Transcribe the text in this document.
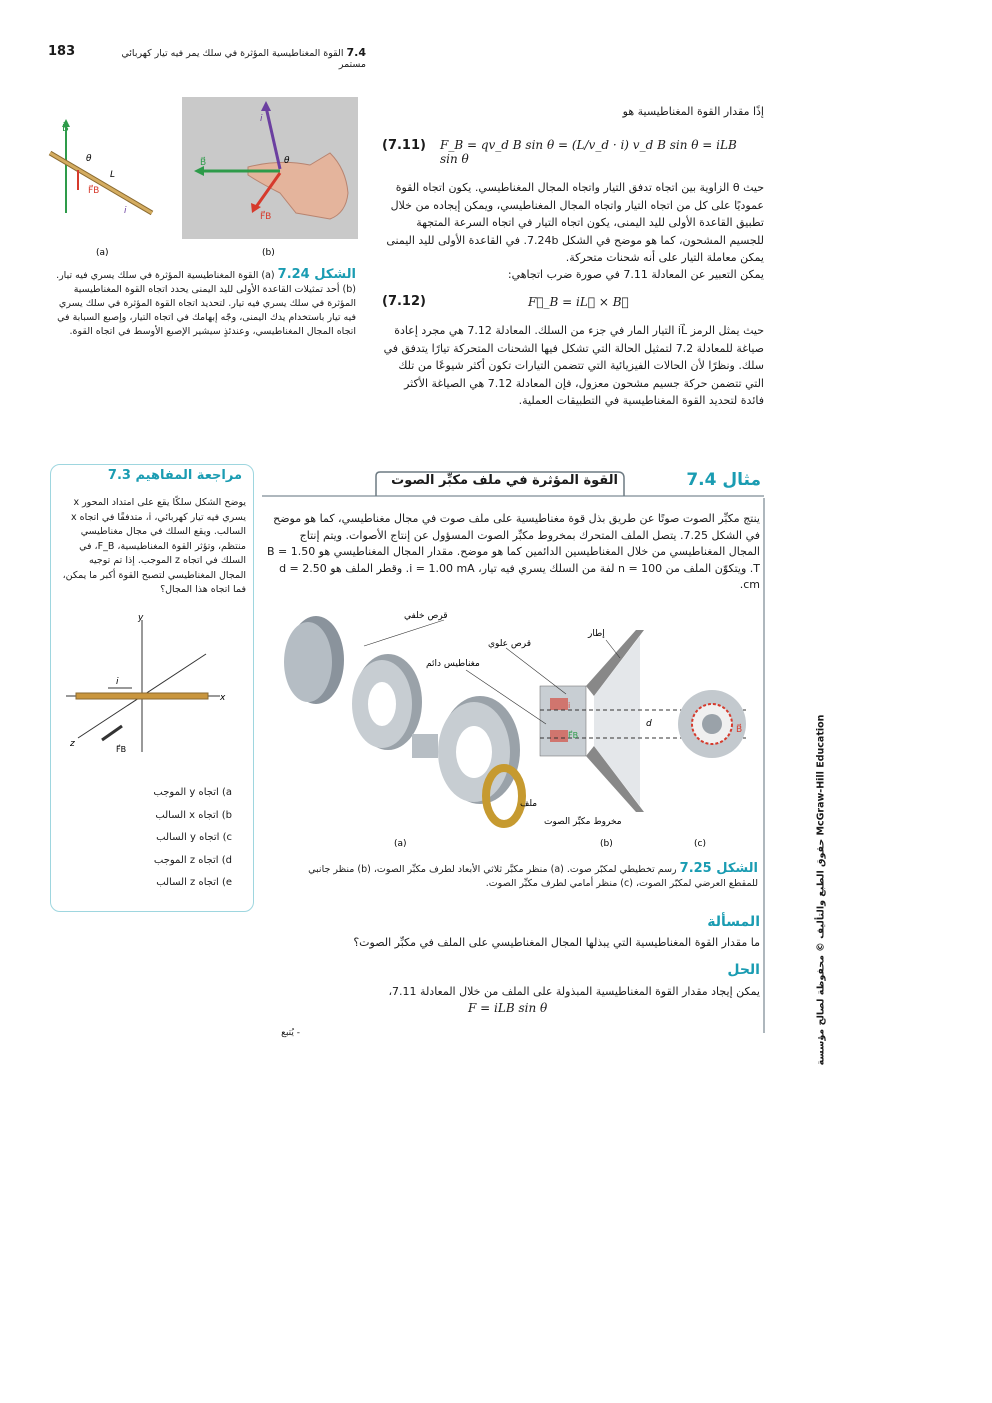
183	7.4 القوة المغناطيسية المؤثرة في سلك يمر فيه تيار كهربائي مستمر
إذًا مقدار القوة المغناطيسية هو
(7.11) F_B = qv_d B sin θ = (L/v_d · i) v_d B sin θ = iLB sin θ
حيث θ الزاوية بين اتجاه تدفق التيار واتجاه المجال المغناطيسي. يكون اتجاه القوة عموديًا على كل من اتجاه التيار واتجاه المجال المغناطيسي، ويمكن إيجاده من خلال تطبيق القاعدة الأولى لليد اليمنى، يكون اتجاه التيار في اتجاه السرعة المتجهة للجسيم المشحون، كما هو موضح في الشكل 7.24b. في القاعدة الأولى لليد اليمنى يمكن معاملة التيار على أنه شحنات متحركة.
يمكن التعبير عن المعادلة 7.11 في صورة ضرب اتجاهي:
(7.12)	F⃗_B = iL⃗ × B⃗
حيث يمثل الرمز iL⃗ التيار المار في جزء من السلك. المعادلة 7.12 هي مجرد إعادة صياغة للمعادلة 7.2 لتمثيل الحالة التي تشكل فيها الشحنات المتحركة تيارًا يتدفق في سلك. ونظرًا لأن الحالات الفيزيائية التي تتضمن التيارات تكون أكثر شيوعًا من تلك التي تتضمن حركة جسيم مشحون معزول، فإن المعادلة 7.12 هي الصياغة الأكثر فائدة لتحديد القوة المغناطيسية في التطبيقات العملية.
B⃗
F⃗B
θ
L
i
(a)
i
B⃗
F⃗B
θ
(b)
الشكل 7.24 (a) القوة المغناطيسية المؤثرة في سلك يسري فيه تيار. (b) أحد تمثيلات القاعدة الأولى لليد اليمنى يحدد اتجاه القوة المغناطيسية المؤثرة في سلك يسري فيه تيار. لتحديد اتجاه القوة المؤثرة في سلك يسري فيه تيار باستخدام يدك اليمنى، وجّه إبهامك في اتجاه التيار، وإصبع السبابة في اتجاه المجال المغناطيسي، وعندئذٍ سيشير الإصبع الأوسط في اتجاه القوة.
مراجعة المفاهيم 7.3
يوضح الشكل سلكًا يقع على امتداد المحور x يسري فيه تيار كهربائي، i، متدفقًا في اتجاه x السالب. ويقع السلك في مجال مغناطيسي منتظم، وتؤثر القوة المغناطيسية، F_B، في السلك في اتجاه z الموجب. إذا تم توجيه المجال المغناطيسي لتصبح القوة أكبر ما يمكن، فما اتجاه هذا المجال؟
y
x
z
i
F⃗B
a) اتجاه y الموجب
b) اتجاه x السالب
c) اتجاه y السالب
d) اتجاه z الموجب
e) اتجاه z السالب
مثال 7.4
القوة المؤثرة في ملف مكبِّر الصوت
ينتج مكبِّر الصوت صوتًا عن طريق بذل قوة مغناطيسية على ملف صوت في مجال مغناطيسي، كما هو موضح في الشكل 7.25. يتصل الملف المتحرك بمخروط مكبِّر الصوت المسؤول عن إنتاج الأصوات. ويتم إنتاج المجال المغناطيسي من خلال المغناطيسين الدائمين كما هو موضح. مقدار المجال المغناطيسي هو B = 1.50 T. ويتكوّن الملف من n = 100 لفة من السلك يسري فيه تيار، i = 1.00 mA. وقطر الملف هو d = 2.50 cm.
d
i
F⃗B
B⃗
قرص خلفي
قرص علوي
مغناطيس دائم
إطار
ملف
مخروط مكبِّر الصوت
(a)	(b)	(c)
الشكل 7.25 رسم تخطيطي لمكبّر صوت. (a) منظر مكبَّر ثلاثي الأبعاد لطرف مكبِّر الصوت، (b) منظر جانبي للمقطع العرضي لمكبّر الصوت، (c) منظر أمامي لطرف مكبِّر الصوت.
المسألة
ما مقدار القوة المغناطيسية التي يبذلها المجال المغناطيسي على الملف في مكبِّر الصوت؟
الحل
يمكن إيجاد مقدار القوة المغناطيسية المبذولة على الملف من خلال المعادلة 7.11،
F = iLB sin θ
- يُتبع	حقوق الطبع والتأليف © محفوظة لصالح مؤسسة McGraw-Hill Education
